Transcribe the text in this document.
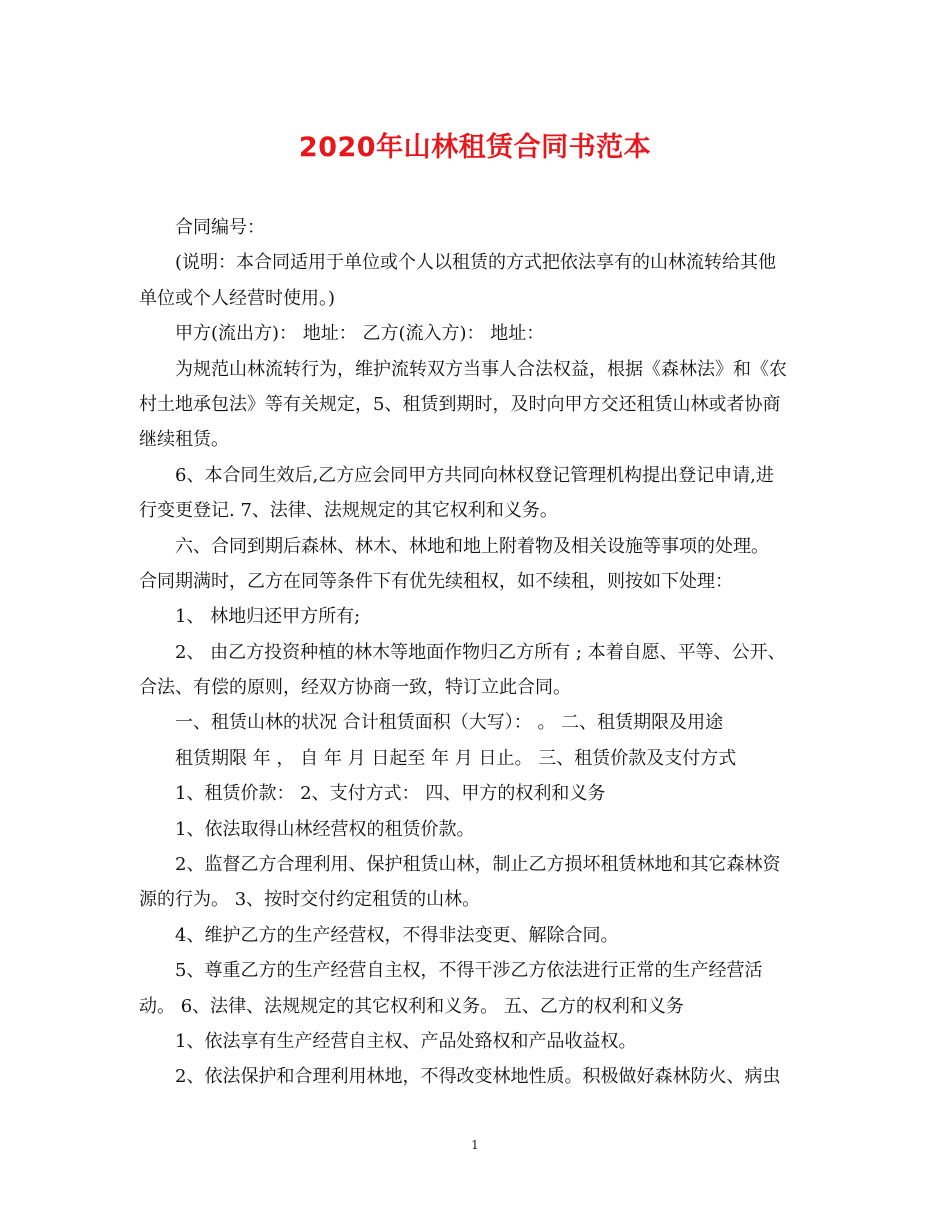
2020年山林租赁合同书范本
合同编号：
(说明：本合同适用于单位或个人以租赁的方式把依法享有的山林流转给其他
单位或个人经营时使用。)
甲方(流出方)： 地址： 乙方(流入方)： 地址：
为规范山林流转行为，维护流转双方当事人合法权益，根据《森林法》和《农
村土地承包法》等有关规定，5、租赁到期时，及时向甲方交还租赁山林或者协商
继续租赁。
6、本合同生效后,乙方应会同甲方共同向林权登记管理机构提出登记申请,进
行变更登记. 7、法律、法规规定的其它权利和义务。
六、合同到期后森林、林木、林地和地上附着物及相关设施等事项的处理。
合同期满时，乙方在同等条件下有优先续租权，如不续租，则按如下处理：
1、 林地归还甲方所有;
2、 由乙方投资种植的林木等地面作物归乙方所有 ; 本着自愿、平等、公开、
合法、有偿的原则，经双方协商一致，特订立此合同。
一、租赁山林的状况 合计租赁面积（大写）： 。 二、租赁期限及用途
租赁期限 年 ， 自 年 月 日起至 年 月 日止。 三、租赁价款及支付方式
1、租赁价款： 2、支付方式： 四、甲方的权利和义务
1、依法取得山林经营权的租赁价款。
2、监督乙方合理利用、保护租赁山林，制止乙方损坏租赁林地和其它森林资
源的行为。 3、按时交付约定租赁的山林。
4、维护乙方的生产经营权，不得非法变更、解除合同。
5、尊重乙方的生产经营自主权，不得干涉乙方依法进行正常的生产经营活
动。 6、法律、法规规定的其它权利和义务。 五、乙方的权利和义务
1、依法享有生产经营自主权、产品处臵权和产品收益权。
2、依法保护和合理利用林地，不得改变林地性质。积极做好森林防火、病虫
1
